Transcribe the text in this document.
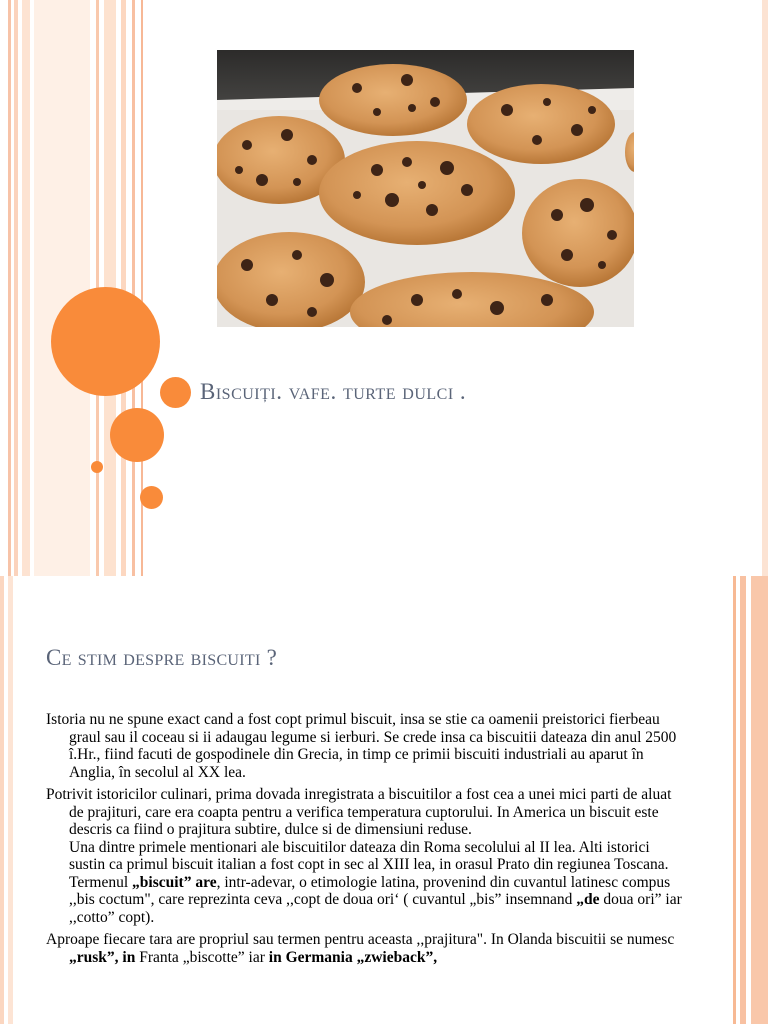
Biscuiți. vafe. turte dulci .
Ce stim despre biscuiti ?

Istoria nu ne spune exact cand a fost copt primul biscuit, insa se stie ca oamenii preistorici fierbeau graul sau il coceau si ii adaugau legume si ierburi. Se crede insa ca biscuitii dateaza din anul 2500 î.Hr., fiind facuti de gospodinele din Grecia, in timp ce primii biscuiti industriali au aparut în Anglia, în secolul al XX lea.

Potrivit istoricilor culinari, prima dovada inregistrata a biscuitilor a fost cea a unei mici parti de aluat de prajituri, care era coapta pentru a verifica temperatura cuptorului. In America un biscuit este descris ca fiind o prajitura subtire, dulce si de dimensiuni reduse.
Una dintre primele mentionari ale biscuitilor dateaza din Roma secolului al II lea. Alti istorici sustin ca primul biscuit italian a fost copt in sec al XIII lea, in orasul Prato din regiunea Toscana.
Termenul „biscuit” are, intr-adevar, o etimologie latina, provenind din cuvantul latinesc compus ,,bis coctum", care reprezinta ceva ,,copt de doua ori‘ ( cuvantul „bis” insemnand „de doua ori” iar ,,cotto” copt).

Aproape fiecare tara are propriul sau termen pentru aceasta ,,prajitura". In Olanda biscuitii se numesc „rusk”, in Franta „biscotte” iar in Germania „zwieback”,
